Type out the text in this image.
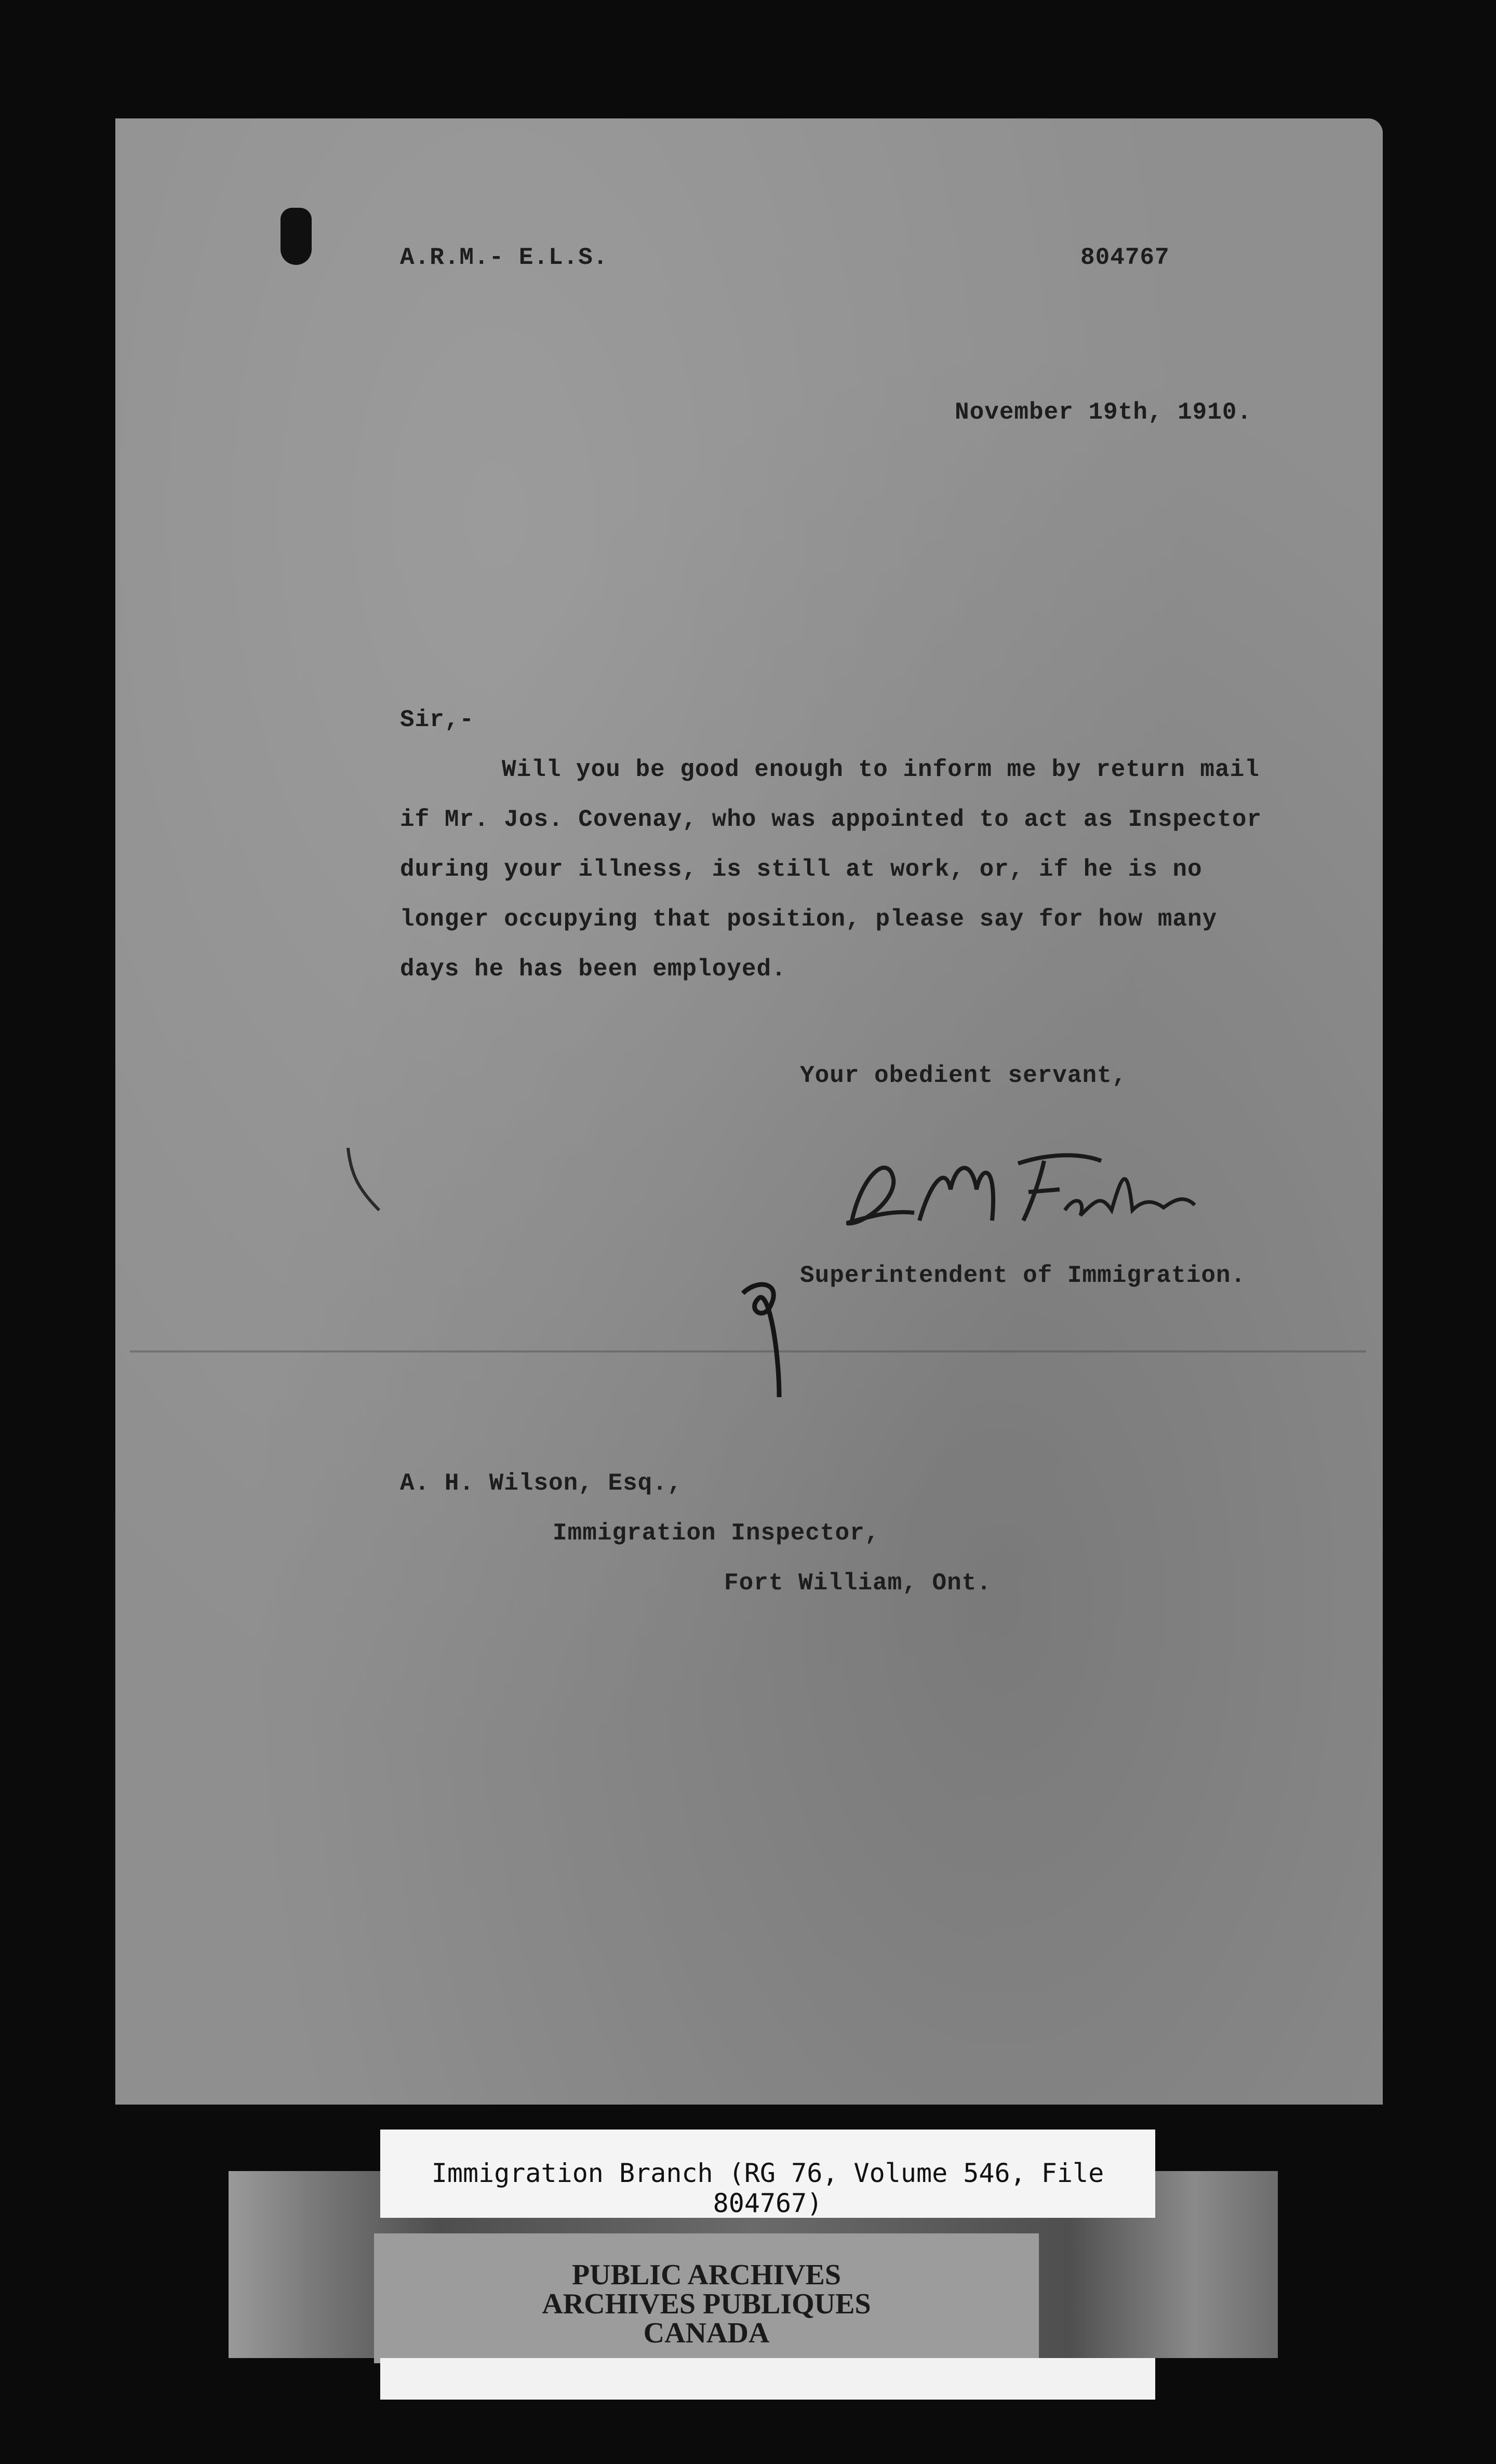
A.R.M.- E.L.S.	804767
November 19th, 1910.
Sir,-
Will you be good enough to inform me by return mail
if Mr. Jos. Covenay, who was appointed to act as Inspector
during your illness, is still at work, or, if he is no
longer occupying that position, please say for how many
days he has been employed.
Your obedient servant,
Superintendent of Immigration.
A. H. Wilson, Esq.,
Immigration Inspector,
Fort William, Ont.
PUBLIC ARCHIVES
ARCHIVES PUBLIQUES
CANADA
Immigration Branch (RG 76, Volume 546, File 804767)
